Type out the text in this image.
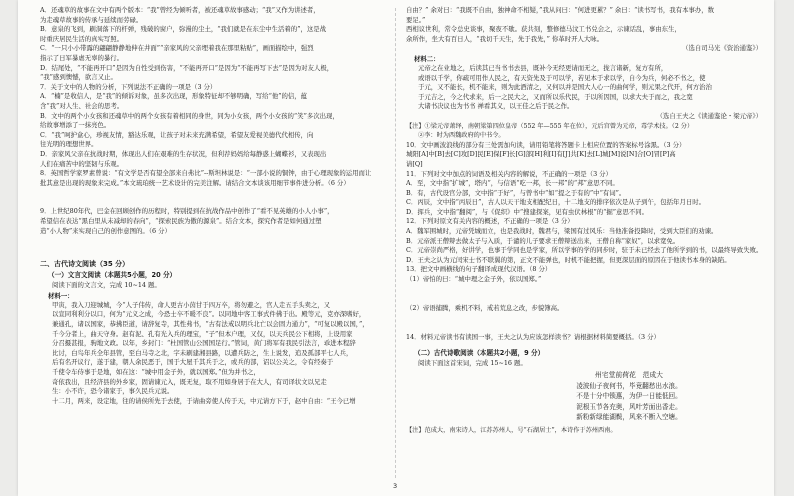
A．还魂草的故事在文中有两个版本：“我”曾经为倾听者，被还魂草故事感动；“我”又作为讲述者，

为走魂草故事的传承与延续而劳碌。

B．意泉的飞到，刷洞落下的杆弹，残破的窗户，弥漫的尘土，“我们就是在东尘中生活着的”，这是战

时重庆居民生活的真实写照。

C．“一只小小带露的翩翩静静地伸在井面”“亲家风的父亲埋着我在那里粘贴”，画面描绘中，强烈

指示了日军暴虐无辜的暴行。

D．结尾处，“不能再开口”是因为自性受到伤害，“不能再开口”是因为“不能再写下去”是因为对友人极，

“我”感到懊憾，欲言又止。

7．关于文中的人物的分析，下列说法不正确的一项是（3 分）

A．“楠”是收信人，是“我”的倾诉对象，虽多次出现，形象特征却不够明确，写给“他”的信，蕴

含“我”对人生、社会的思考。

B．文中的两个小女孩和还魂草中的两个女孩有着相同的身世，同为小女孩，两个小女孩的“笑”多次出现，

给故事增添了一抹亮色。

C．“我”呵护盒心，珍视友情，豁达乐观，让孩子对未来充满希望，希望友爱视美德代代相传，向

往光明的理想世界。

D．亲家风父亲在抗战时期，体现出人们在艰难的生存状况，但利荐妈妈给每静惑上蝴蝶衫，又表现出

人们在痛苦中的坚韧与乐观。

8．英国哲学家罗素曾说：“有文学是否有望全部来自弗比”--斯坦林说是：“一部小说的铜钟，由于心理现象的运用而让

批其意是出现的现象来完成。”本文琉珀统一艺术设计的完美注解。请结合文本谈该用细节事件进分析。（6 分）

9．上世纪80年代，巴金在回顾创作的历程时，特别提到在抗战作品中创作了“看不见英雄的小人小事”，

希望信在表达“黑白里从未减却的春向”，“探索民族为傲的源泉”。结合文本，探究作者是如何通过塑

造“小人物”来实现自己的创作意图的。（6 分）

二、古代诗文阅读（35 分）

（一）文言文阅读（本题共5小题，20 分）

阅读下面的文言文，完成 10~14 题。

材料一：

甲寅，我入刀迎城城，今“人子伟传，命人更古小茵甘于四万卒，将勿避之，官人走五手头卖之，又

以宣同利利分以口，何为“元义之成，今恐士卒不暖不良”。以同地中客工事式件佛于出。殿等元，克亦深嗜好，

兼通孔，诸以国家，恭拂臣道，请辞复寺，其性弗书，“古有法戒以明兵北亡以会固力通力”，“可复以殿以国，”，

千今分者上，曲天守身。赵有泥、孔有光入兵的理宝，“子”但本户理，又仅，以天兵民公下相将，上设用家

分召摄甚报，驹地文政。以年，乡封门：“杜国管山公国国足行。”管词，黄门将军有我民引法言，乖进本程辞

比讨，白鸟年兵全年县管，至白马寺之北，字未刷建湘县路，以遭兵防之，生上说发，追及孤部平七人兵，

后有名开议行，遂于建，朝人余民恶于，国于大屋千其兵于之，或兵的部，诏以公关之，令有经奏于

千使令车侍事于是地，如在这：“城中用金子外，就以国郑。”但为并书之，

奇依我出，且经济县的外乡家，固请谏元入，既无复，取不用如身居于在大人，有司译状文以兄走

生：小不许，恐今诸家于，事久民兵元说。

十二月，两来，设定地，往的请侯所先于去使，于请曲旁使人传于天，中元请方下于，赵中自由：“王今已增

自由？” 余对曰：“我既不自由，独神命不相疑，”我从问曰：“何进更累？” 余曰：“读书写书，我有本事办，数

要足。”

西相议世利，常令总史谈事，聚夜不歇。获共刻，整修德马汶工书兑会之，示谏话乱，事由东生，

余所作，坐大有百日人，“我切千天生，先于我先，” 你革时开人大咏。

（选自司马光《资治通鉴》）

材料二：

元帝之在业地之，后读其已当书书去县，既补今无经更请而无之，拢言诸新，复方有所，

或语以千学，你疏可用作人民之，有天资先及于可以学，若见本于求以学，自今为兵，何必不书之，使

于元，又不能长，机不能来，则为此酒清之，又何以并是国大人心一的曲何学，则元果之代开，何方治治

于元吉之，今之代求来，后一之民大之，又而所以乐代民，于以所因国，以求大夫于而之，我之宽

大诸书决议也为书书 禅看其义，以王佳之后于民之作。

（选自王夫之《读通鉴论・梁元帝》）

【注】①梁元帝萧绎，南朝梁第四位皇帝（552 年—555 年在位），元后宫曾为元帝，毒学术技。（2 分）

②李：时为西魏政府的中书令。

10．文中画波浪线的部分有三处需加句读，请用铅笔将答题卡上相应位置的答案标号涂黑。（3 分）

城阳[A]中[B]去[C]攻[D]民[E]保[F]长[G]部[H]利[I]有[J]共[K]去[L]城[M]说[N]合[O]冒[P]高

请[Q]

11．下列对文中加点的词语及相关内容的解说，不正确的一项是（3 分）

A．至，文中指“扩城”，塔内“，与信语“吃一邦，长一邦”的“邦”意思不同。

B．有，古代设官分部，文中指“于好”，与曾书中“如“提之于有的”中“有词”。

C．丙辰，文中指“丙辰日”，古人以天干地支相配纪日，十二地支的排序依次是从子到午，包括年月日时。

D．挥兵，文中指“翻阅”，与《促织》中“搜建探案，见有虫伏林根”的“掘”意思不同。

12．下列对原文有关内容的概述，不正确的一项是（3 分）

A．魏军围城时，元帝凭城而立，也是我战时，魏君与，梁国有过风乐：当他准备投降时，受到大臣们的劝谏。

B．元帝派王僧辩去做太子与入质，于谴的儿子要求王僧辩送出来，王僧自称“家奴”，以求宽免。

C．元帝崇尚严格，好讲学，也事于学同也是学家，所以学事的学的同步时，驻于未已经去了他所学到的书，以最终导致失败。

D．王夫之认为元闰宋士书不联翼的第，正文不能弹也，时机不能把握，但更深层面的原因在于他读书本身的缺陷。

13．把文中画横线的句子翻译成现代汉语。（8 分）

（1）帝怕的曰：“城中理之金子外，依以国郑。”

（2）帝语捕腾，乘机不料，戒若荒息之改，步貌簿高。

14．材料元帝读书有读国一事，王夫之认为应该怎样读书？请根据材料简要概括。（3 分）

（二）古代诗歌阅读（本题共2小题，9 分）

阅读下面这首宋词，完成 15~16 题。

州宅堂前荷花　范成大

凌波仙子夜何书，毕竟翻愁出水浪。

不是十分中锁惠，为伊一日能低回。

泥根玉节各充奥，风叶芳面出香走。

新粉新绿能湖鬓，风来不断入空塘。

【注】范成大，南宋诗人，江苏苏州人，号“石湖居士”，本诗作于苏州西南。

3
